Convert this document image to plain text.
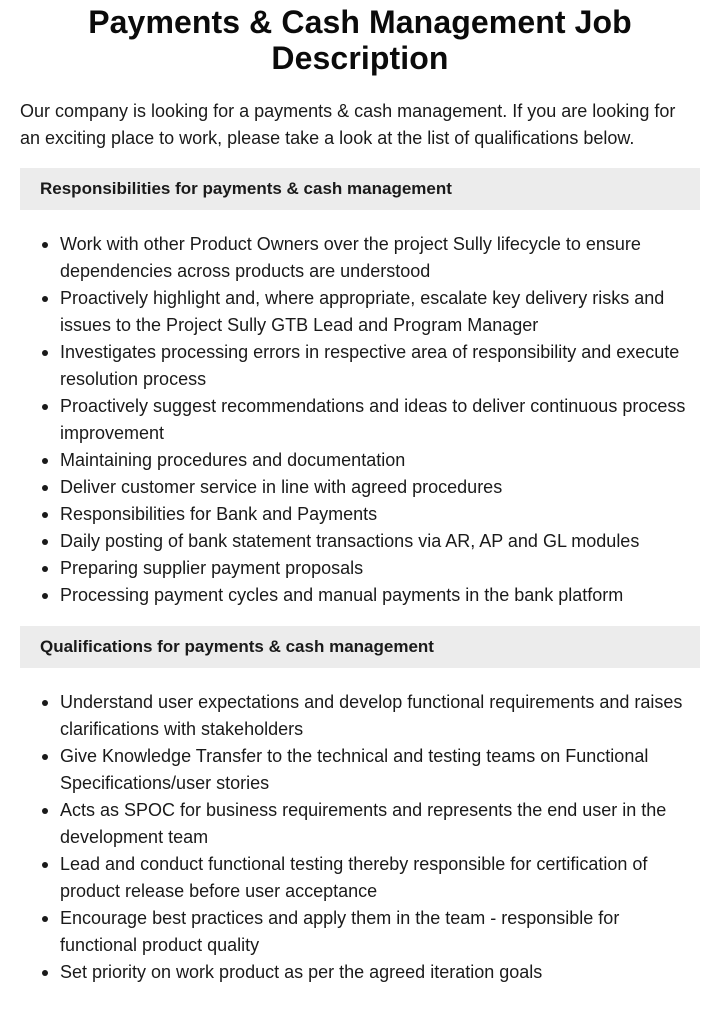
Payments & Cash Management Job Description

Our company is looking for a payments & cash management. If you are looking for an exciting place to work, please take a look at the list of qualifications below.

Responsibilities for payments & cash management
Work with other Product Owners over the project Sully lifecycle to ensure dependencies across products are understood
Proactively highlight and, where appropriate, escalate key delivery risks and issues to the Project Sully GTB Lead and Program Manager
Investigates processing errors in respective area of responsibility and execute resolution process
Proactively suggest recommendations and ideas to deliver continuous process improvement
Maintaining procedures and documentation
Deliver customer service in line with agreed procedures
Responsibilities for Bank and Payments
Daily posting of bank statement transactions via AR, AP and GL modules
Preparing supplier payment proposals
Processing payment cycles and manual payments in the bank platform
Qualifications for payments & cash management
Understand user expectations and develop functional requirements and raises clarifications with stakeholders
Give Knowledge Transfer to the technical and testing teams on Functional Specifications/user stories
Acts as SPOC for business requirements and represents the end user in the development team
Lead and conduct functional testing thereby responsible for certification of product release before user acceptance
Encourage best practices and apply them in the team - responsible for functional product quality
Set priority on work product as per the agreed iteration goals
